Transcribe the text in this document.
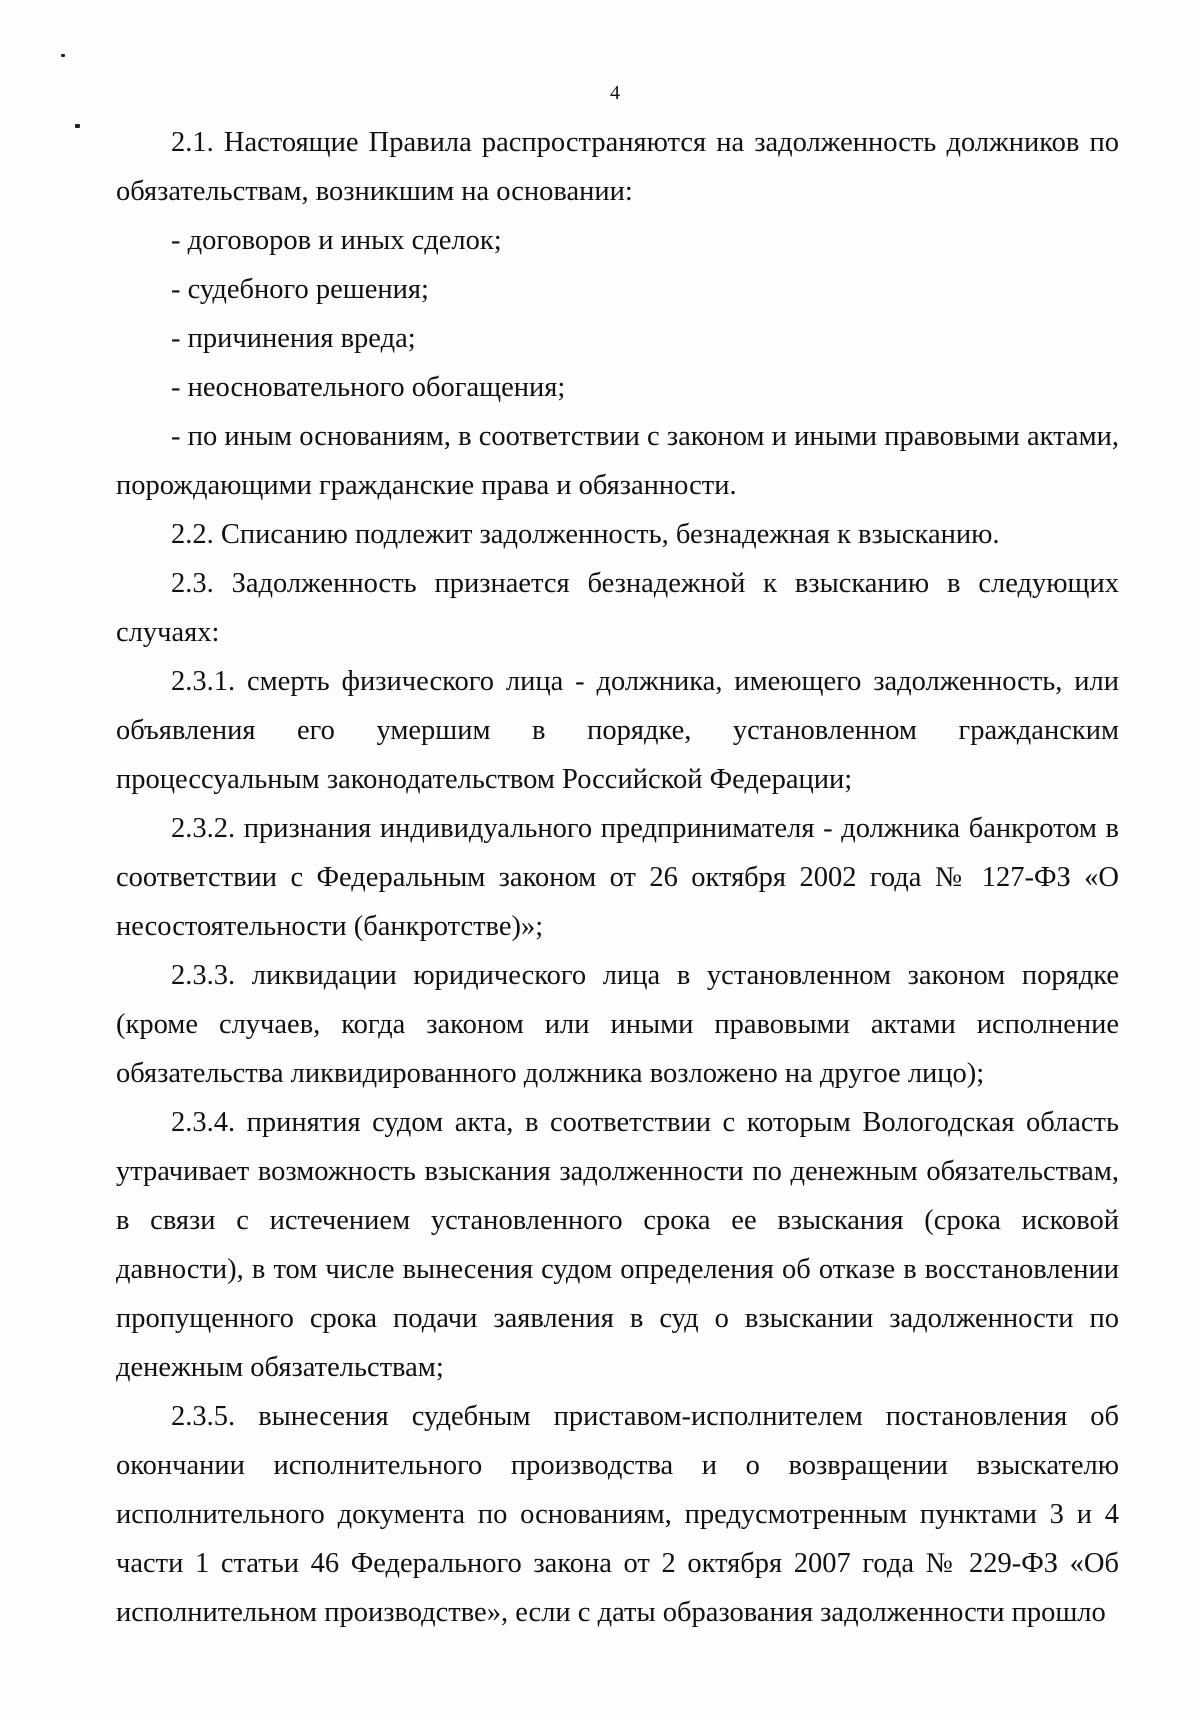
4

2.1. Настоящие Правила распространяются на задолженность должников по обязательствам, возникшим на основании:

- договоров и иных сделок;

- судебного решения;

- причинения вреда;

- неосновательного обогащения;

- по иным основаниям, в соответствии с законом и иными правовыми актами, порождающими гражданские права и обязанности.

2.2. Списанию подлежит задолженность, безнадежная к взысканию.

2.3. Задолженность признается безнадежной к взысканию в следующих случаях:

2.3.1. смерть физического лица - должника, имеющего задолженность, или объявления его умершим в порядке, установленном гражданским процессуальным законодательством Российской Федерации;

2.3.2. признания индивидуального предпринимателя - должника банкротом в соответствии с Федеральным законом от 26 октября 2002 года № 127-ФЗ «О несостоятельности (банкротстве)»;

2.3.3. ликвидации юридического лица в установленном законом порядке (кроме случаев, когда законом или иными правовыми актами исполнение обязательства ликвидированного должника возложено на другое лицо);

2.3.4. принятия судом акта, в соответствии с которым Вологодская область утрачивает возможность взыскания задолженности по денежным обязательствам, в связи с истечением установленного срока ее взыскания (срока исковой давности), в том числе вынесения судом определения об отказе в восстановлении пропущенного срока подачи заявления в суд о взыскании задолженности по денежным обязательствам;

2.3.5. вынесения судебным приставом-исполнителем постановления об окончании исполнительного производства и о возвращении взыскателю исполнительного документа по основаниям, предусмотренным пунктами 3 и 4 части 1 статьи 46 Федерального закона от 2 октября 2007 года № 229-ФЗ «Об исполнительном производстве», если с даты образования задолженности прошло
